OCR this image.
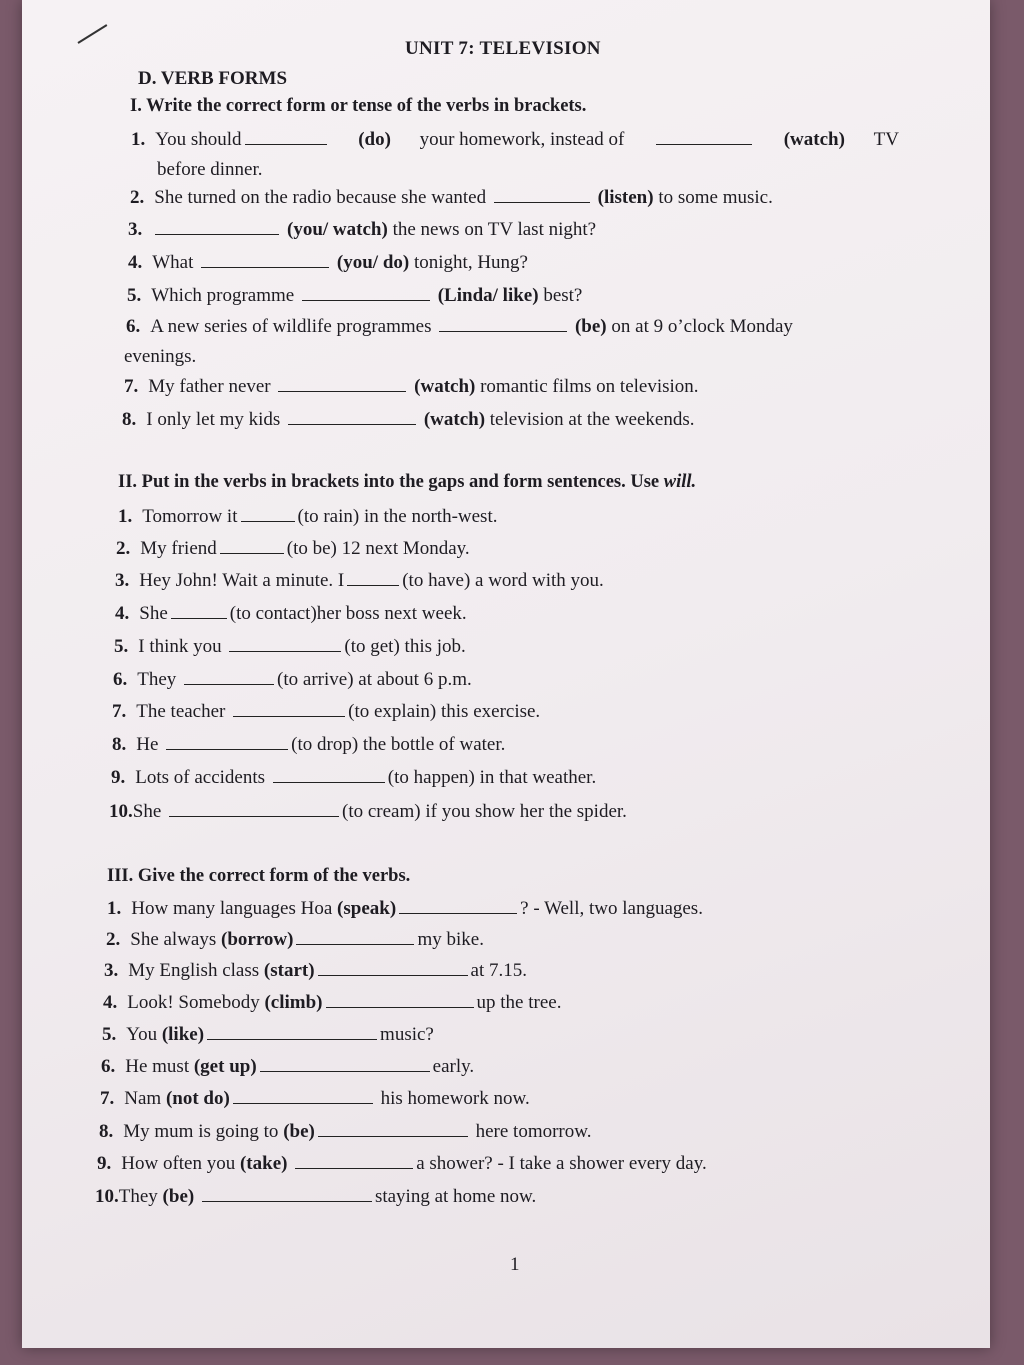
UNIT 7: TELEVISION
D. VERB FORMS
I. Write the correct form or tense of the verbs in brackets.
1. You should	(do) your homework, instead of	(watch) TV
before dinner.
2. She turned on the radio because she wanted	(listen) to some music.
3.	(you/ watch) the news on TV last night?
4. What	(you/ do) tonight, Hung?
5. Which programme	(Linda/ like) best?
6. A new series of wildlife programmes	(be) on at 9 o’clock Monday
evenings.
7. My father never	(watch) romantic films on television.
8. I only let my kids	(watch) television at the weekends.
II. Put in the verbs in brackets into the gaps and form sentences. Use will.
1. Tomorrow it	(to rain) in the north-west.
2. My friend	(to be) 12 next Monday.
3. Hey John! Wait a minute. I	(to have) a word with you.
4. She	(to contact)her boss next week.
5. I think you	(to get) this job.
6. They	(to arrive) at about 6 p.m.
7. The teacher	(to explain) this exercise.
8. He	(to drop) the bottle of water.
9. Lots of accidents	(to happen) in that weather.
10.She	(to cream) if you show her the spider.
III. Give the correct form of the verbs.
1. How many languages Hoa (speak)	? - Well, two languages.
2. She always (borrow)	my bike.
3. My English class (start)	at 7.15.
4. Look! Somebody (climb)	up the tree.
5. You (like)	music?
6. He must (get up)	early.
7. Nam (not do)	his homework now.
8. My mum is going to (be)	here tomorrow.
9. How often you (take)	a shower? - I take a shower every day.
10.They (be)	staying at home now.
1
